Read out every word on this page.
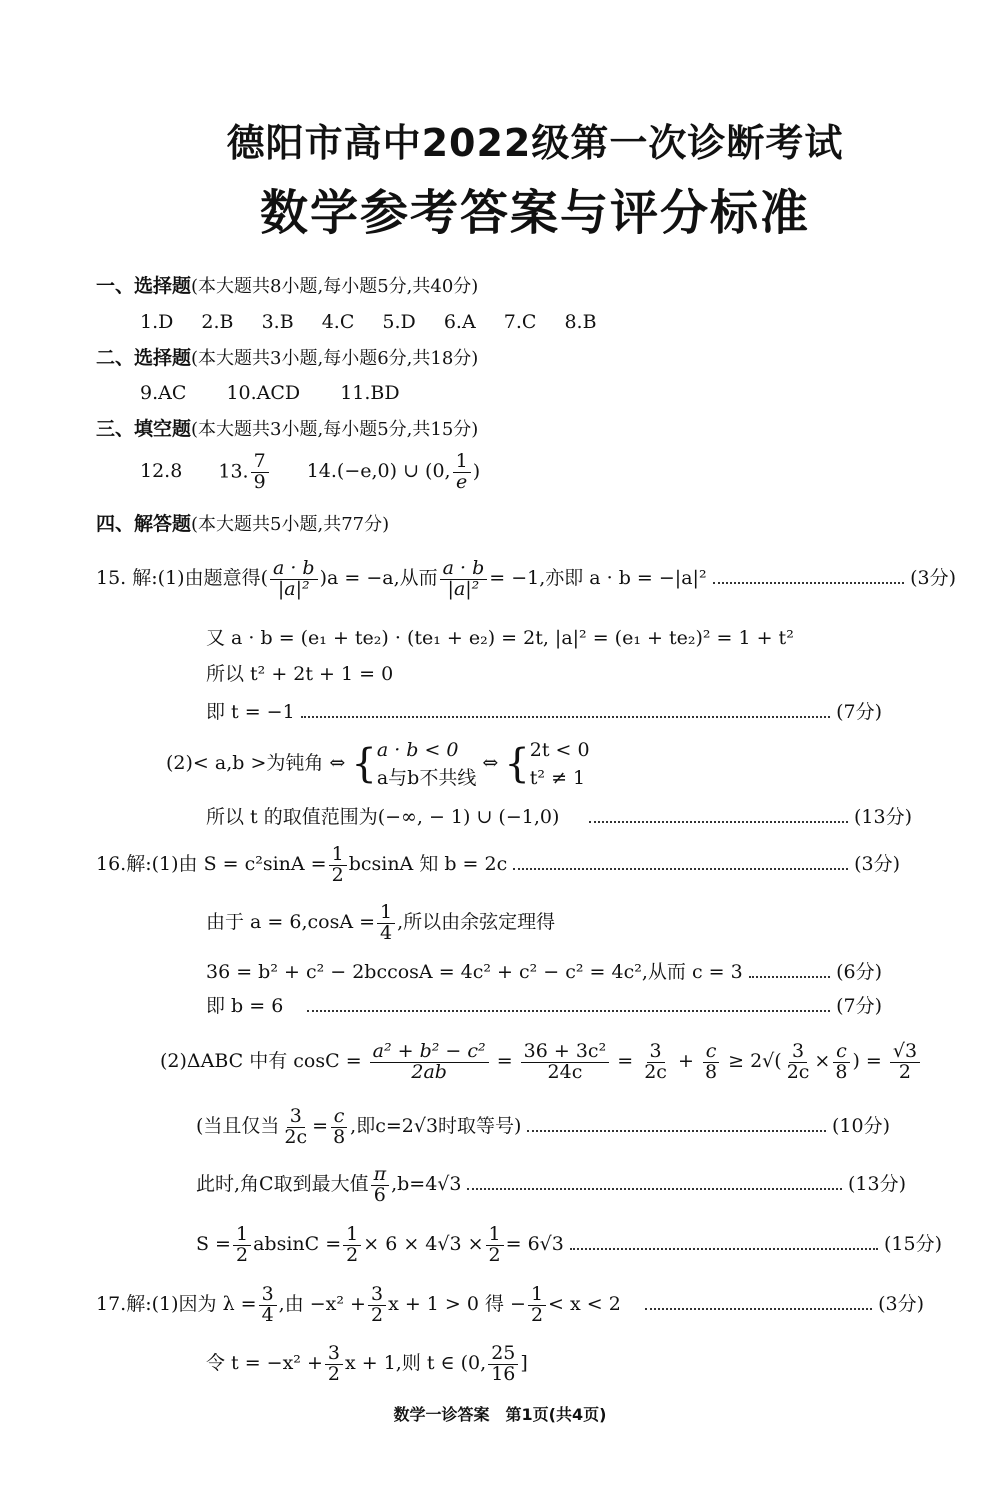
德阳市高中2022级第一次诊断考试
数学参考答案与评分标准
一、选择题(本大题共8小题,每小题5分,共40分)
1.D 2.B 3.B 4.C 5.D 6.A 7.C 8.B
二、选择题(本大题共3小题,每小题6分,共18分)
9.AC 10.ACD 11.BD
三、填空题(本大题共3小题,每小题5分,共15分)
12.8 13. $\frac{7}{9} 14.(-e,0)$ ∪ (0, $\frac{1}{e}$ )
四、解答题(本大题共5小题,共77分)
15. 解:(1)由题意得( $\frac{a \cdot b}{\text{|a|²}} )a = -a$,从而 $\frac{a \cdot b}{\text{|a|²}} = -1$,亦即 a · b = −|a|²	(3分)
又 a · b = (e₁ + te₂) · (te₁ + e₂) = 2t, |a|² = (e₁ + te₂)² = 1 + t²
所以 t² + 2t + 1 = 0
即 t = −1	(7分)
(2)< a,b >为钝角 ⇔ { a · b < 0
a与b不共线
⇔ { 2t < 0
t² ≠ 1
所以 t 的取值范围为(−∞, − 1) ∪ (−1,0)	(13分)
16.解:(1)由 $S = c^2\sin A = \frac{1}{2}$ bcsinA 知 b = 2c	(3分)
由于 $a = 6,\cos A = \frac{1}{4}$ ,所以由余弦定理得
36 = b² + c² − 2bccosA = 4c² + c² − c² = 4c²,从而 c = 3	(6分)
即 b = 6	(7分)
(2)ΔABC 中有 $\cos C = \frac{\text{a² + b² − c²}}{2ab} = \frac{\text{36 + 3c²}}{24c} = \frac{3}{2c} + \frac{c}{8} \ge 2√( \frac{3}{2c} \times \frac{c}{8}$ ) = $\frac{√3}{2}$
(当且仅当 $\frac{3}{2c} = \frac{c}{8}$ ,即c=2√3时取等号)	(10分)
此时,角C取到最大值 $\frac{\pi}{6} ,b=4√3$	(13分)
$S = \frac{1}{2}$ $absinC = \frac{1}{2} \times 6 \times 4√3 \times \frac{1}{2} = 6√3$	(15分)
17.解:(1)因为 $\lambda = \frac{3}{4}$ ,由 $-x^2 + \frac{3}{2}$ x + 1 > 0 得 − $\frac{1}{2} < x < 2$	(3分)
令 $t = -x^2 + \frac{3}{2}$ x + 1,则 t ∈ (0, $\frac{25}{16}$ ]
数学一诊答案　第1页(共4页)
